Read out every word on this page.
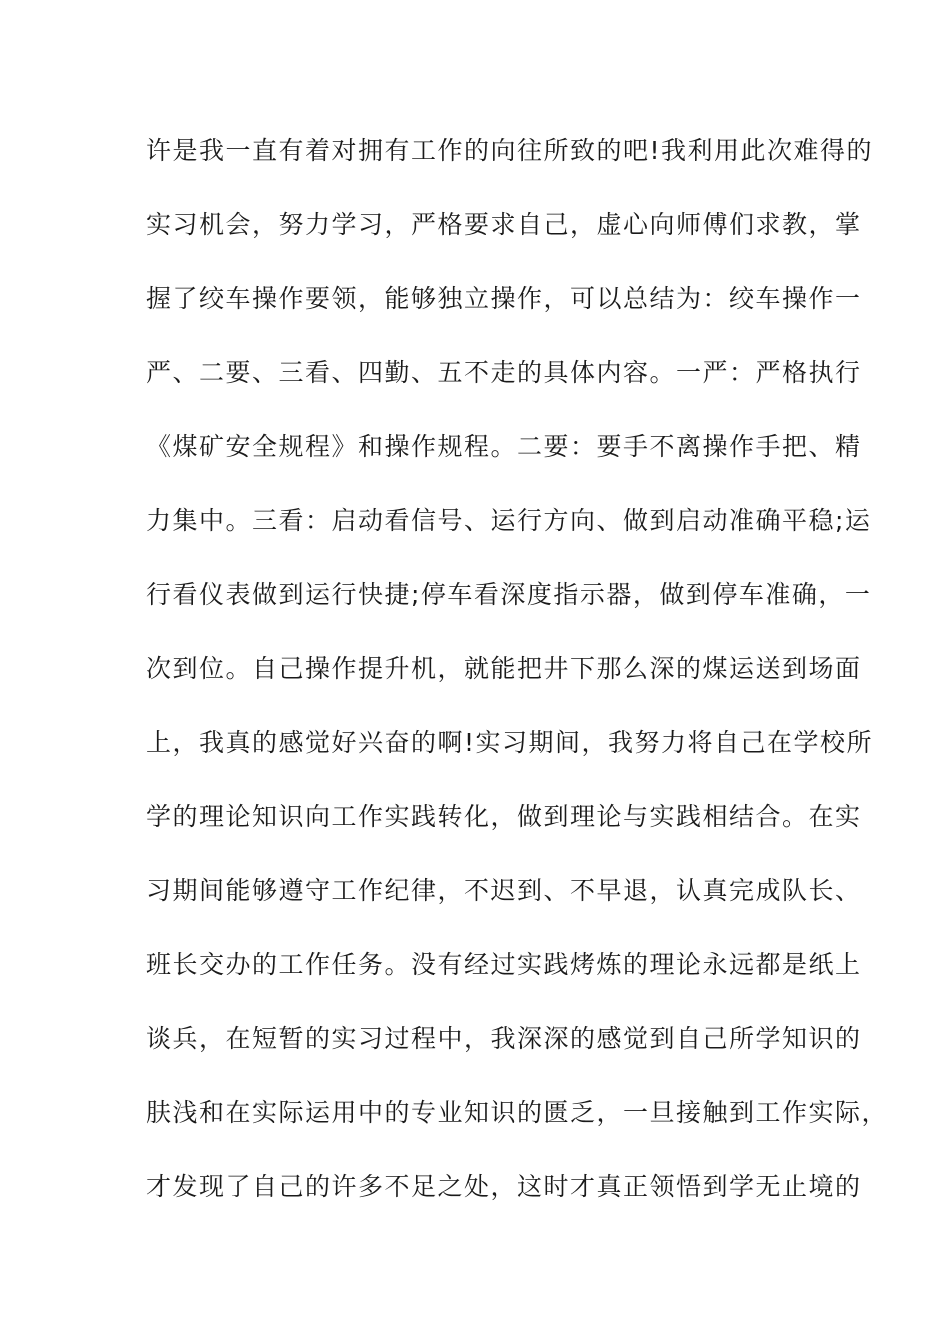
许是我一直有着对拥有工作的向往所致的吧!我利用此次难得的
实习机会，努力学习，严格要求自己，虚心向师傅们求教，掌
握了绞车操作要领，能够独立操作，可以总结为：绞车操作一
严、二要、三看、四勤、五不走的具体内容。一严：严格执行
《煤矿安全规程》和操作规程。二要：要手不离操作手把、精
力集中。三看：启动看信号、运行方向、做到启动准确平稳;运
行看仪表做到运行快捷;停车看深度指示器，做到停车准确，一
次到位。自己操作提升机，就能把井下那么深的煤运送到场面
上，我真的感觉好兴奋的啊!实习期间，我努力将自己在学校所
学的理论知识向工作实践转化，做到理论与实践相结合。在实
习期间能够遵守工作纪律，不迟到、不早退，认真完成队长、
班长交办的工作任务。没有经过实践烤炼的理论永远都是纸上
谈兵，在短暂的实习过程中，我深深的感觉到自己所学知识的
肤浅和在实际运用中的专业知识的匮乏，一旦接触到工作实际，
才发现了自己的许多不足之处，这时才真正领悟到学无止境的
